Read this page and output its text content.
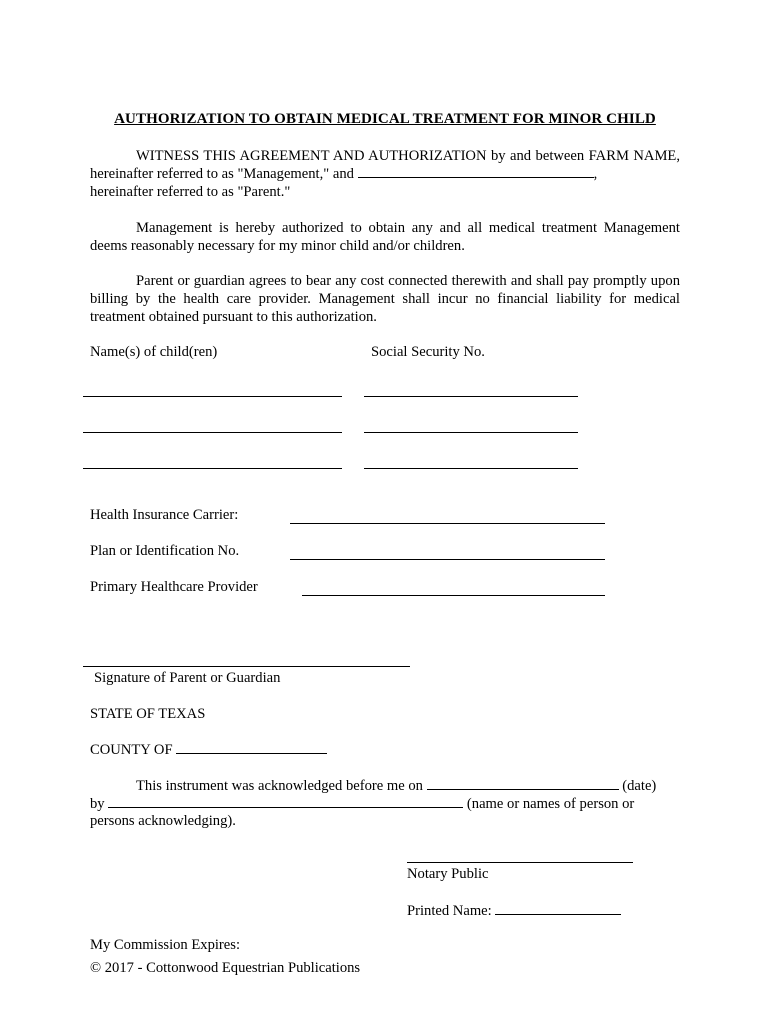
AUTHORIZATION TO OBTAIN MEDICAL TREATMENT FOR MINOR CHILD
WITNESS THIS AGREEMENT AND AUTHORIZATION by and between FARM NAME, hereinafter referred to as "Management," and	,
hereinafter referred to as "Parent."
Management is hereby authorized to obtain any and all medical treatment Management deems reasonably necessary for my minor child and/or children.
Parent or guardian agrees to bear any cost connected therewith and shall pay promptly upon billing by the health care provider. Management shall incur no financial liability for medical treatment obtained pursuant to this authorization.
Name(s) of child(ren)	Social Security No.
Health Insurance Carrier:
Plan or Identification No.
Primary Healthcare Provider
Signature of Parent or Guardian
STATE OF TEXAS
COUNTY OF
This instrument was acknowledged before me on	(date)
by	(name or names of person or
persons acknowledging).
Notary Public
Printed Name:
My Commission Expires:
© 2017 - Cottonwood Equestrian Publications
